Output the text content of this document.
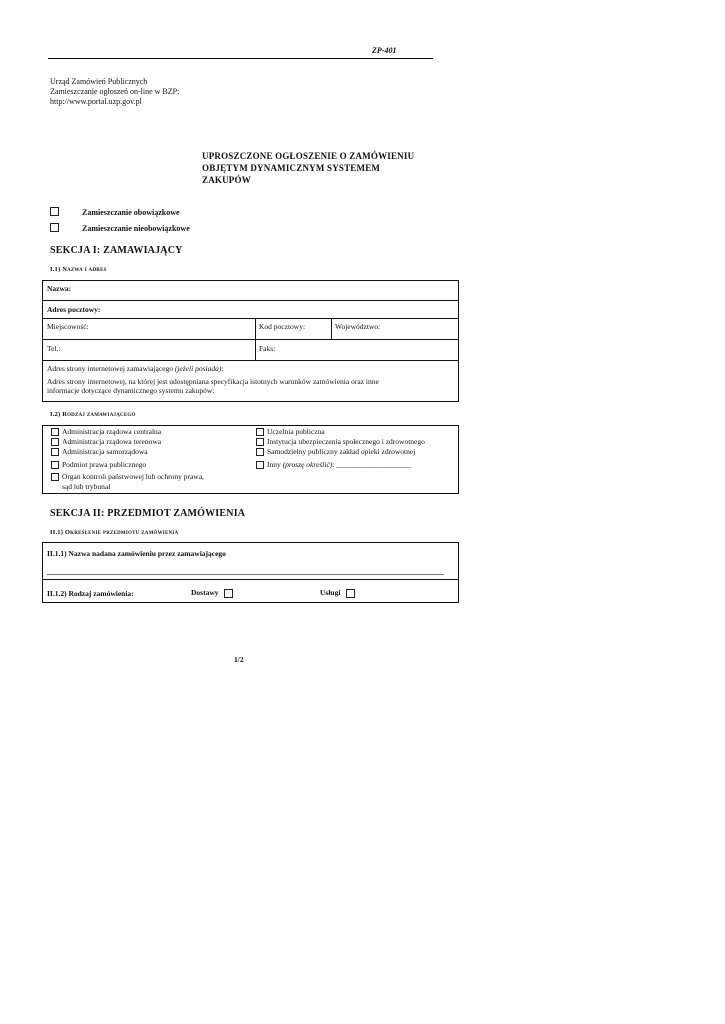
ZP-401
Urząd Zamówień Publicznych
Zamieszczanie ogłoszeń on-line w BZP:
http://www.portal.uzp.gov.pl
UPROSZCZONE OGŁOSZENIE O ZAMÓWIENIU
OBJĘTYM DYNAMICZNYM SYSTEMEM
ZAKUPÓW
Zamieszczanie obowiązkowe
Zamieszczanie nieobowiązkowe
SEKCJA I: ZAMAWIAJĄCY
I.1) Nazwa i adres
Nazwa:
Adres pocztowy:
Miejscowość:	Kod pocztowy:	Województwo:
Tel.:	Faks:
Adres strony internetowej zamawiającego (jeżeli posiada):
Adres strony internetowej, na której jest udostępniana specyfikacja istotnych warunków zamówienia oraz inne
informacje dotyczące dynamicznego systemu zakupów:
I.2) Rodzaj zamawiającego
Administracja rządowa centralna
Administracja rządowa terenowa
Administracja samorządowa
Podmiot prawa publicznego
Organ kontroli państwowej lub ochrony prawa,
sąd lub trybunał
Uczelnia publiczna
Instytucja ubezpieczenia społecznego i zdrowotnego
Samodzielny publiczny zakład opieki zdrowotnej
Inny (proszę określić): ____________________
SEKCJA II: PRZEDMIOT ZAMÓWIENIA
II.1) Określenie przedmiotu zamówienia
II.1.1) Nazwa nadana zamówieniu przez zamawiającego
II.1.2) Rodzaj zamówienia:	Dostawy	Usługi
1/2
